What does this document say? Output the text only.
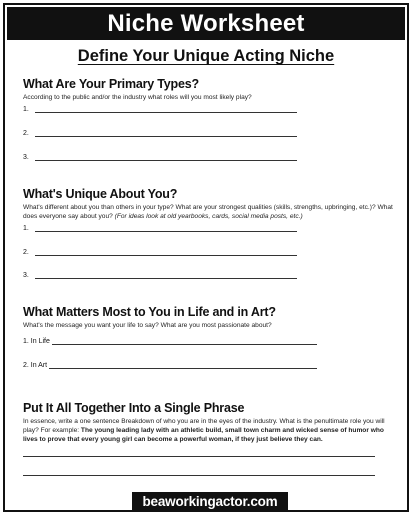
Niche Worksheet
Define Your Unique Acting Niche
What Are Your Primary Types?
According to the public and/or the industry what roles will you most likely play?
1.
2.
3.
What's Unique About You?
What's different about you than others in your type? What are your strongest qualities (skills, strengths, upbringing, etc.)? What does everyone say about you? (For ideas look at old yearbooks, cards, social media posts, etc.)
1.
2.
3.
What Matters Most to You in Life and in Art?
What's the message you want your life to say? What are you most passionate about?
1. In Life
2. In Art
Put It All Together Into a Single Phrase
In essence, write a one sentence Breakdown of who you are in the eyes of the industry. What is the penultimate role you will play? For example: The young leading lady with an athletic build, small town charm and wicked sense of humor who lives to prove that every young girl can become a powerful woman, if they just believe they can.
beaworkingactor.com
